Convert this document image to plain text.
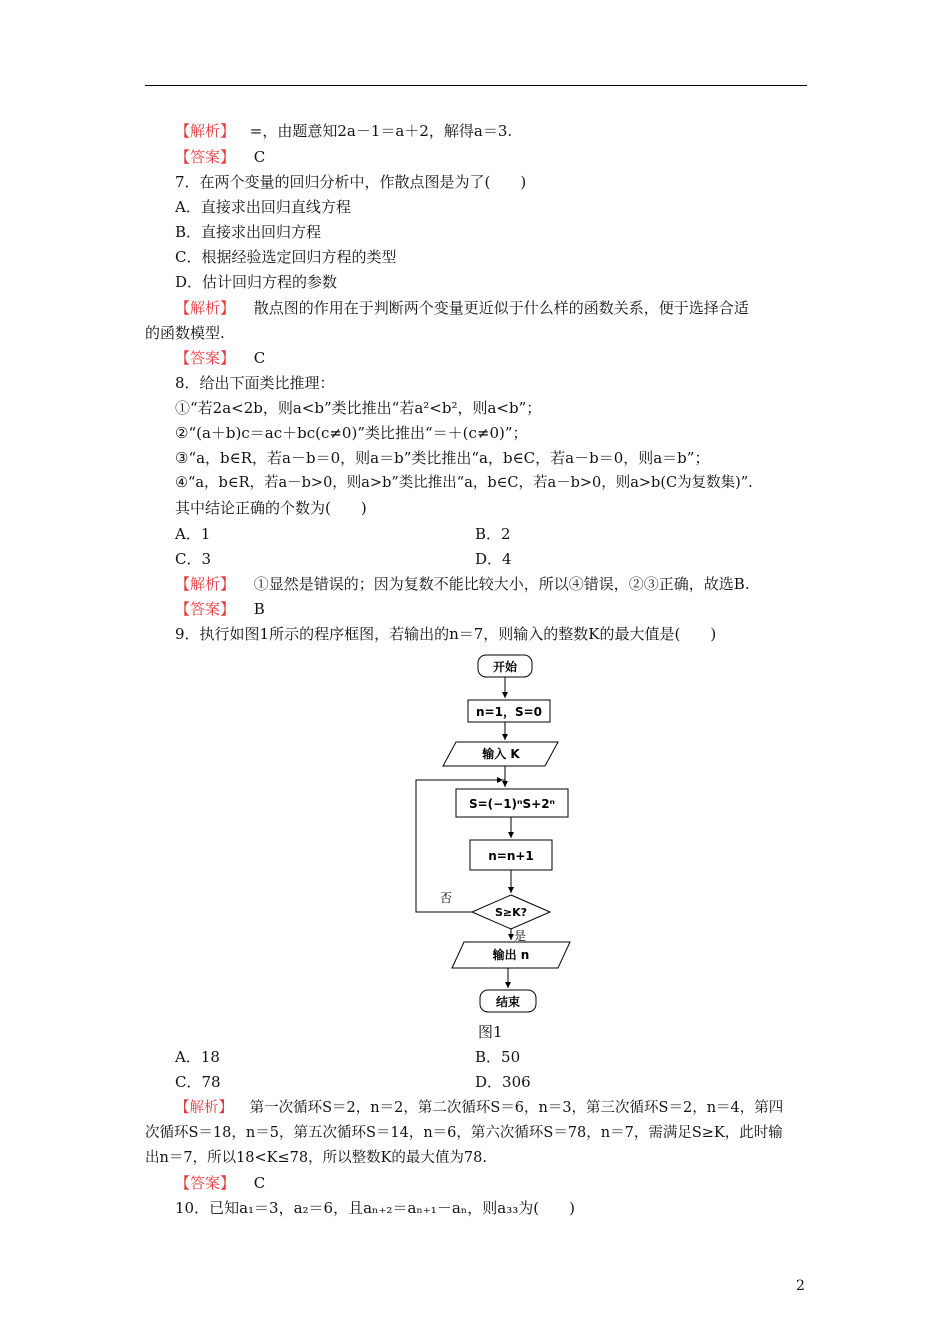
【解析】 =，由题意知2a－1＝a＋2，解得a＝3.
【答案】 C
7．在两个变量的回归分析中，作散点图是为了(　　)
A．直接求出回归直线方程
B．直接求出回归方程
C．根据经验选定回归方程的类型
D．估计回归方程的参数
【解析】 散点图的作用在于判断两个变量更近似于什么样的函数关系，便于选择合适
的函数模型.
【答案】 C
8．给出下面类比推理：
①“若2a<2b，则a<b”类比推出“若a²<b²，则a<b”；
②“(a＋b)c＝ac＋bc(c≠0)”类比推出“＝＋(c≠0)”；
③“a，b∈R，若a－b＝0，则a＝b”类比推出“a，b∈C，若a－b＝0，则a＝b”；
④“a，b∈R，若a－b>0，则a>b”类比推出“a，b∈C，若a－b>0，则a>b(C为复数集)”.
其中结论正确的个数为(　　)
A．1	B．2
C．3	D．4
【解析】 ①显然是错误的；因为复数不能比较大小，所以④错误，②③正确，故选B.
【答案】 B
9．执行如图1所示的程序框图，若输出的n＝7，则输入的整数K的最大值是(　　)
开始
n=1，S=0
输入 K
S=(−1)ⁿS+2ⁿ
n=n+1
S≥K?
否
是
输出 n
结束
图1
A．18	B．50
C．78	D．306
【解析】 第一次循环S＝2，n＝2，第二次循环S＝6，n＝3，第三次循环S＝2，n＝4，第四
次循环S＝18，n＝5，第五次循环S＝14，n＝6，第六次循环S＝78，n＝7，需满足S≥K，此时输
出n＝7，所以18<K≤78，所以整数K的最大值为78.
【答案】 C
10．已知a₁＝3，a₂＝6，且aₙ₊₂＝aₙ₊₁－aₙ，则a₃₃为(　　)
2
